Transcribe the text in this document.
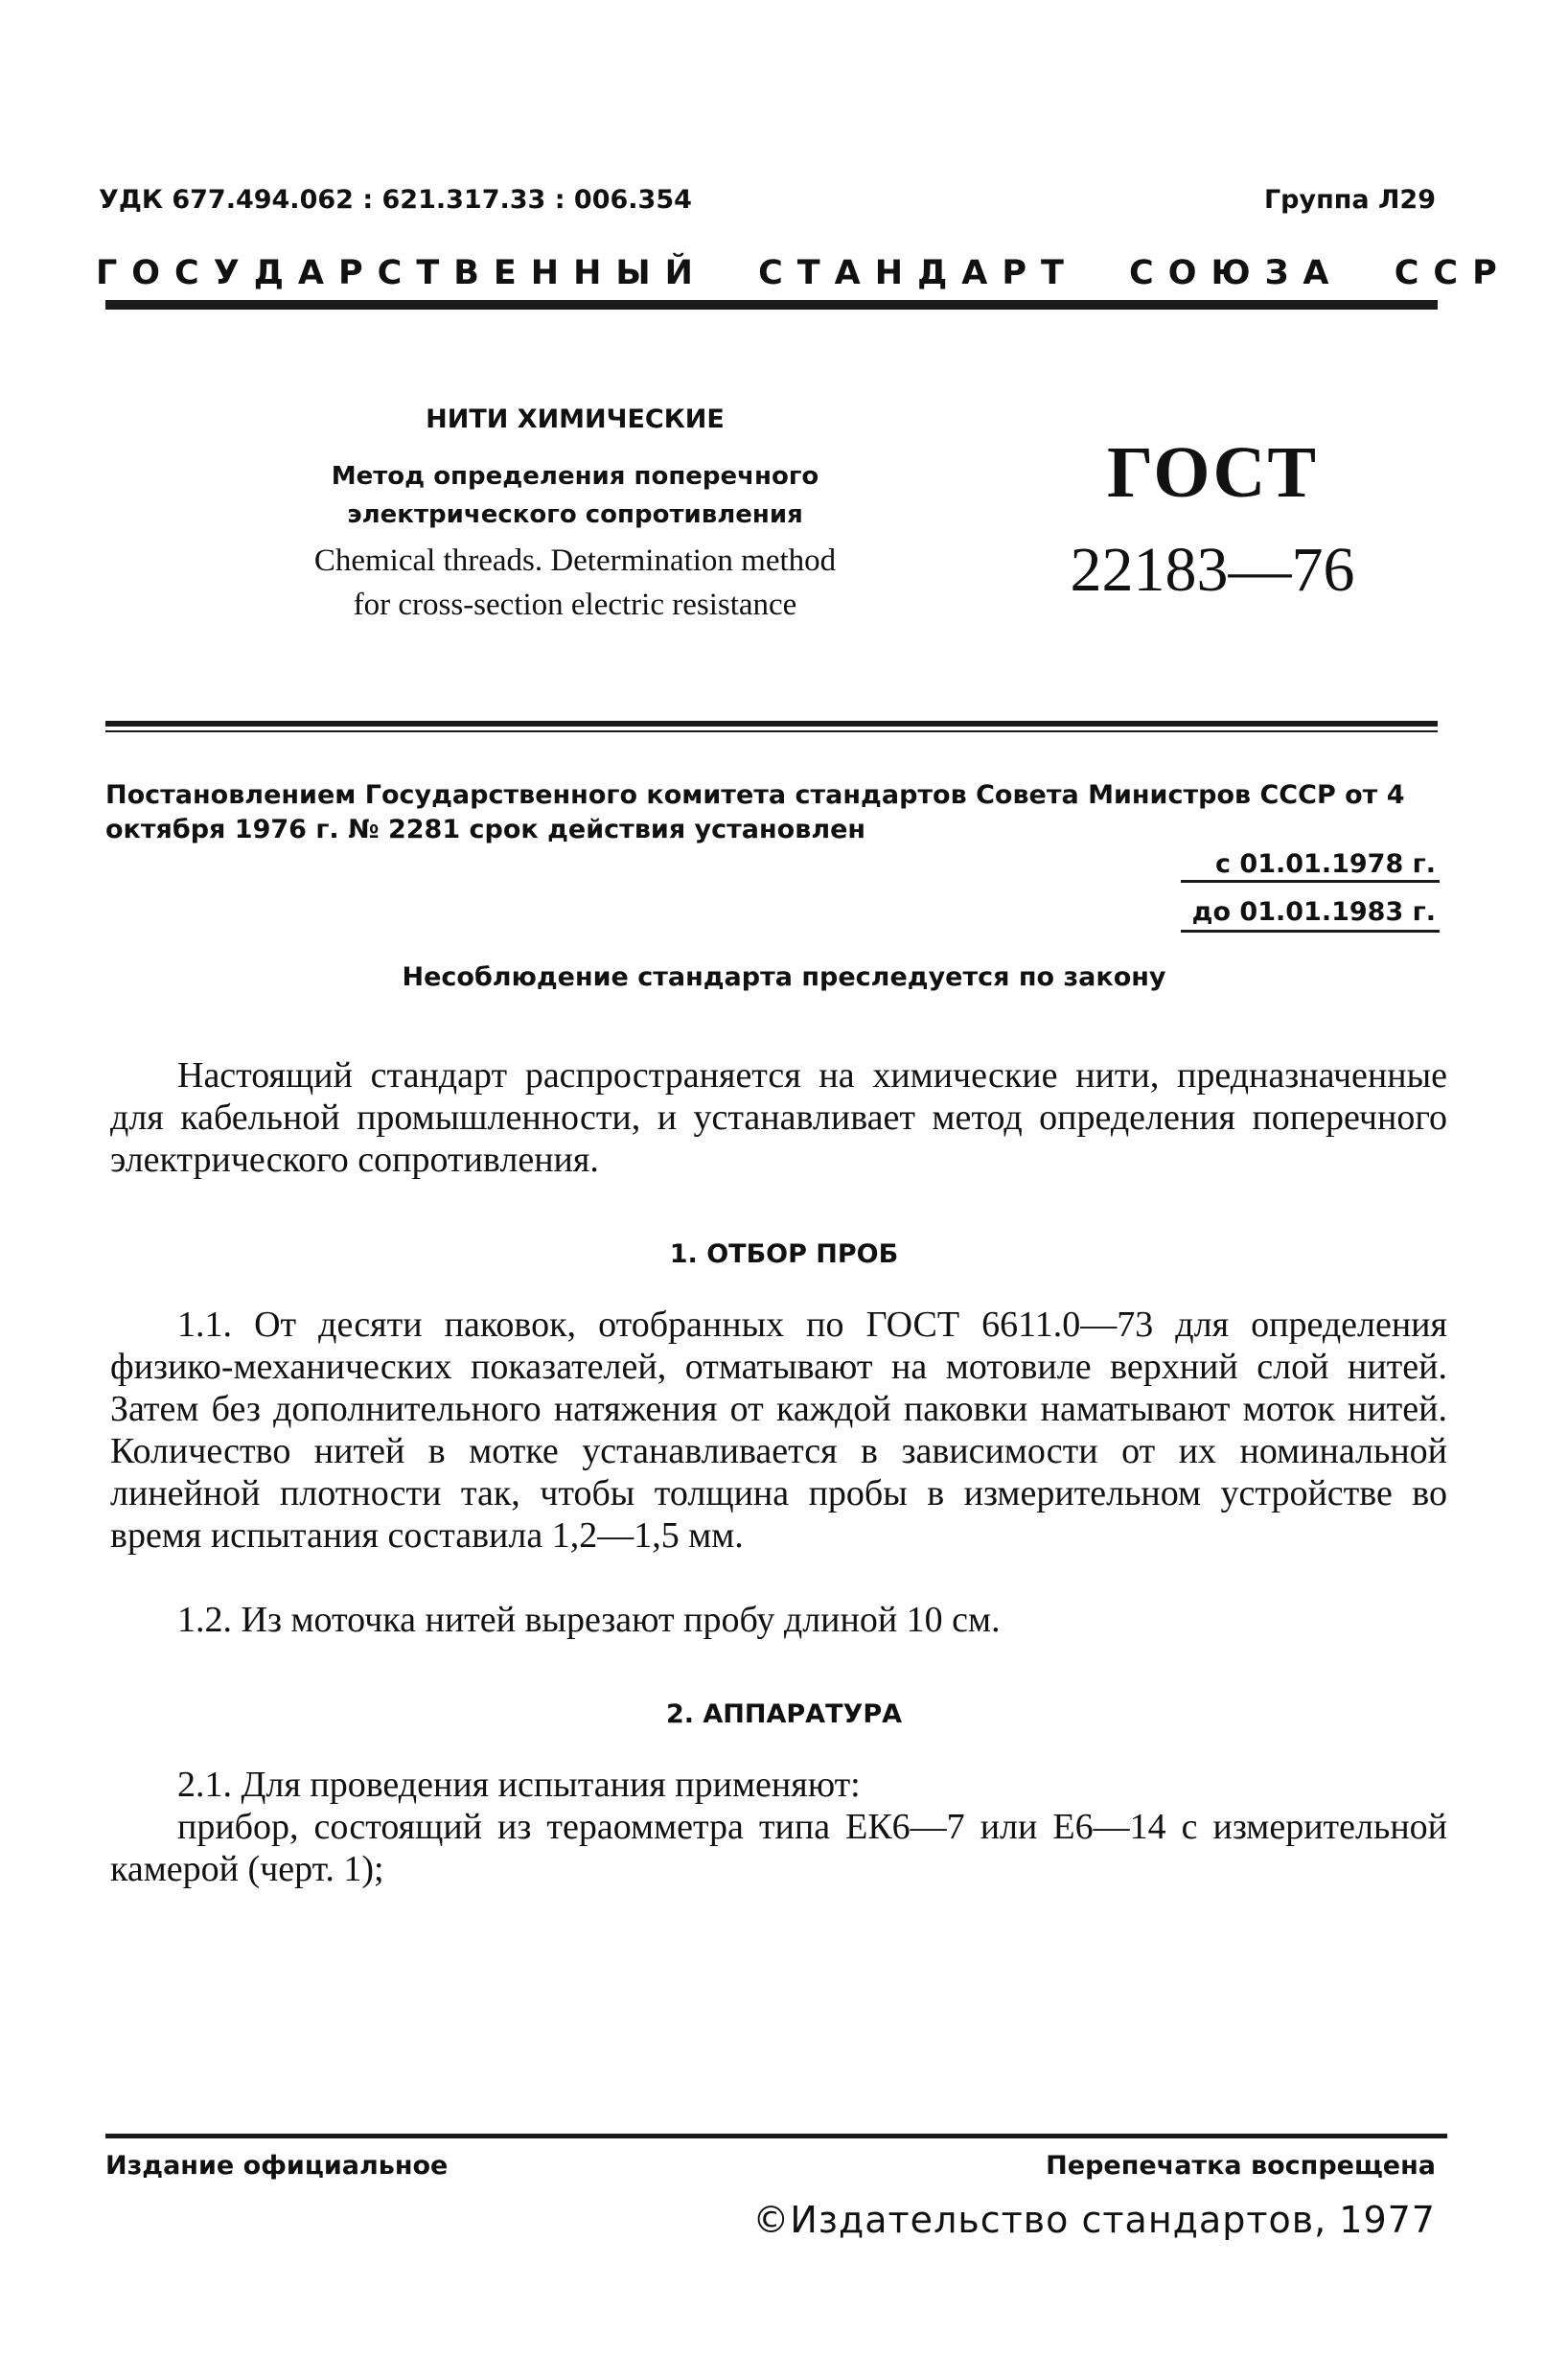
УДК 677.494.062 : 621.317.33 : 006.354	Группа Л29
ГОСУДАРСТВЕННЫЙ СТАНДАРТ СОЮЗА ССР
НИТИ ХИМИЧЕСКИЕ
Метод определения поперечного
электрического сопротивления
Chemical threads. Determination method
for cross-section electric resistance
ГОСТ
22183—76
Постановлением Государственного комитета стандартов Совета Министров СССР от 4 октября 1976 г. № 2281 срок действия установлен
с 01.01.1978 г.
до 01.01.1983 г.
Несоблюдение стандарта преследуется по закону
Настоящий стандарт распространяется на химические нити, предназначенные для кабельной промышленности, и устанавливает метод определения поперечного электрического сопротивления.
1. ОТБОР ПРОБ
1.1. От десяти паковок, отобранных по ГОСТ 6611.0—73 для определения физико-механических показателей, отматывают на мотовиле верхний слой нитей. Затем без дополнительного натяжения от каждой паковки наматывают моток нитей. Количество нитей в мотке устанавливается в зависимости от их номинальной линейной плотности так, чтобы толщина пробы в измерительном устройстве во время испытания составила 1,2—1,5 мм.
1.2. Из моточка нитей вырезают пробу длиной 10 см.
2. АППАРАТУРА
2.1. Для проведения испытания применяют:
прибор, состоящий из тераомметра типа ЕК6—7 или Е6—14 с измерительной камерой (черт. 1);
Издание официальное	Перепечатка воспрещена
©Издательство стандартов, 1977
